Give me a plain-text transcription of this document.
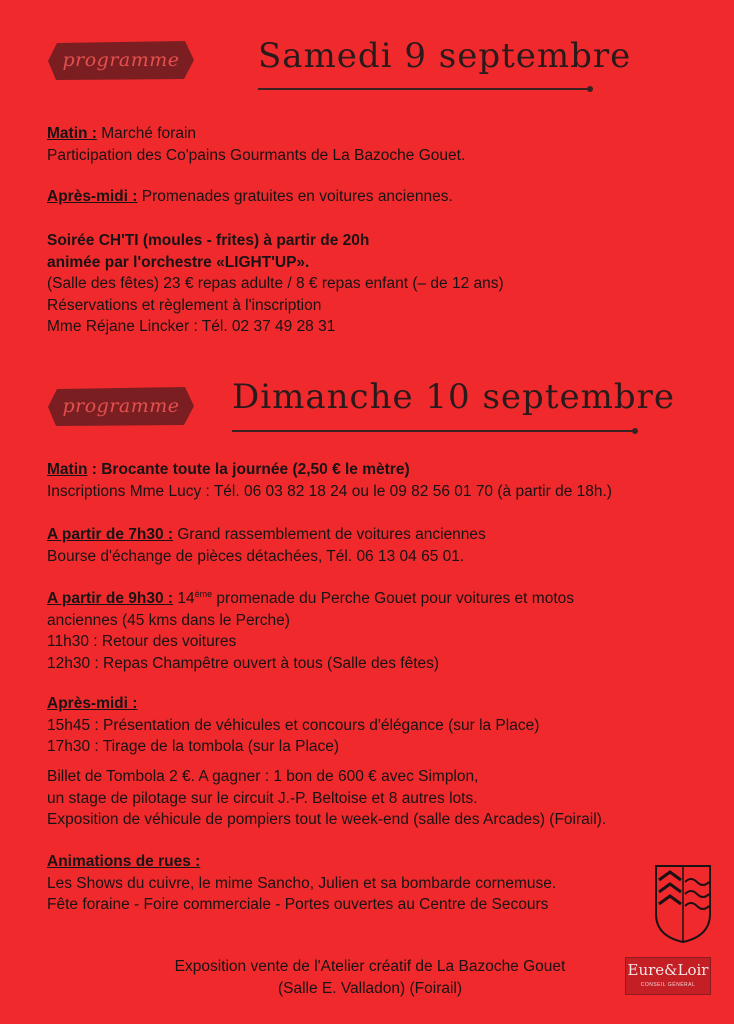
programme	Samedi 9 septembre

Matin : Marché forain

Participation des Co'pains Gourmants de La Bazoche Gouet.

Après-midi : Promenades gratuites en voitures anciennes.

Soirée CH'TI (moules - frites) à partir de 20h

animée par l'orchestre «LIGHT'UP».

(Salle des fêtes) 23 € repas adulte / 8 € repas enfant (– de 12 ans)

Réservations et règlement à l'inscription

Mme Réjane Lincker : Tél. 02 37 49 28 31

programme	Dimanche 10 septembre

Matin : Brocante toute la journée (2,50 € le mètre)

Inscriptions Mme Lucy : Tél. 06 03 82 18 24 ou le 09 82 56 01 70 (à partir de 18h.)

A partir de 7h30 : Grand rassemblement de voitures anciennes

Bourse d'échange de pièces détachées, Tél. 06 13 04 65 01.

A partir de 9h30 : 14ème promenade du Perche Gouet pour voitures et motos

anciennes (45 kms dans le Perche)

11h30 : Retour des voitures

12h30 : Repas Champêtre ouvert à tous (Salle des fêtes)

Après-midi :

15h45 : Présentation de véhicules et concours d'élégance (sur la Place)

17h30 : Tirage de la tombola (sur la Place)

Billet de Tombola 2 €. A gagner : 1 bon de 600 € avec Simplon,

un stage de pilotage sur le circuit J.-P. Beltoise et 8 autres lots.

Exposition de véhicule de pompiers tout le week-end (salle des Arcades) (Foirail).

Animations de rues :

Les Shows du cuivre, le mime Sancho, Julien et sa bombarde cornemuse.

Fête foraine - Foire commerciale - Portes ouvertes au Centre de Secours

Exposition vente de l'Atelier créatif de La Bazoche Gouet
(Salle E. Valladon) (Foirail)
Eure&Loir
CONSEIL GÉNÉRAL
